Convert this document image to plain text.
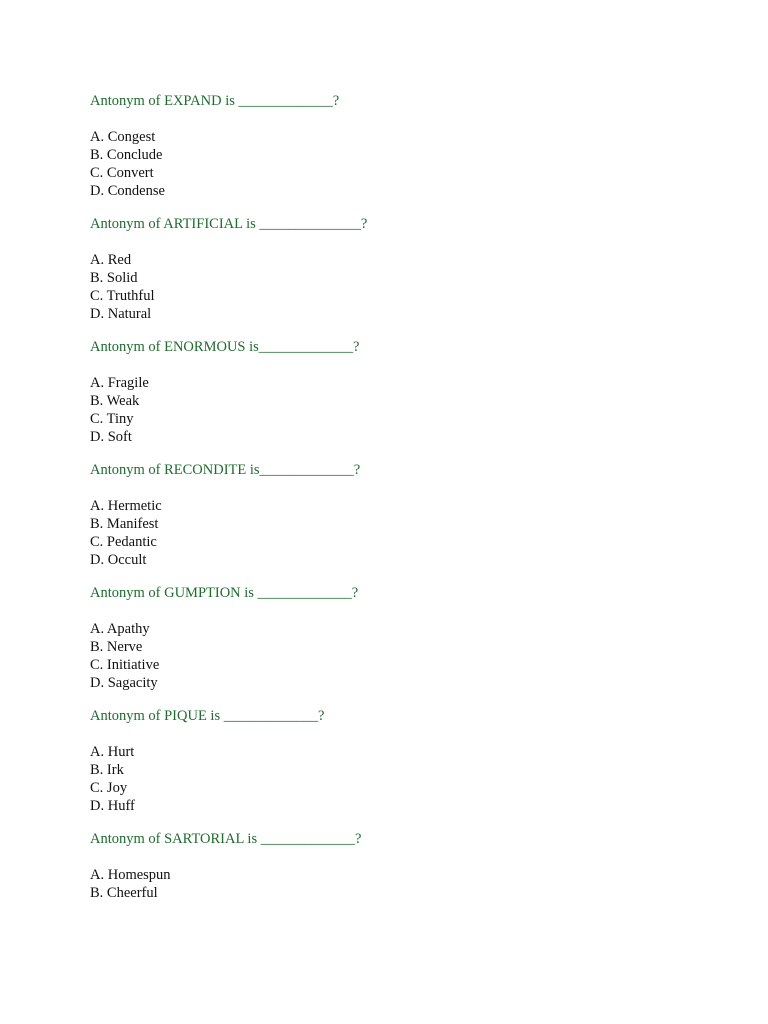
Antonym of EXPAND is _____________?
A. Congest
B. Conclude
C. Convert
D. Condense
Antonym of ARTIFICIAL is ______________?
A. Red
B. Solid
C. Truthful
D. Natural
Antonym of ENORMOUS is_____________?
A. Fragile
B. Weak
C. Tiny
D. Soft
Antonym of RECONDITE is_____________?
A. Hermetic
B. Manifest
C. Pedantic
D. Occult
Antonym of GUMPTION is _____________?
A. Apathy
B. Nerve
C. Initiative
D. Sagacity
Antonym of PIQUE is _____________?
A. Hurt
B. Irk
C. Joy
D. Huff
Antonym of SARTORIAL is _____________?
A. Homespun
B. Cheerful
